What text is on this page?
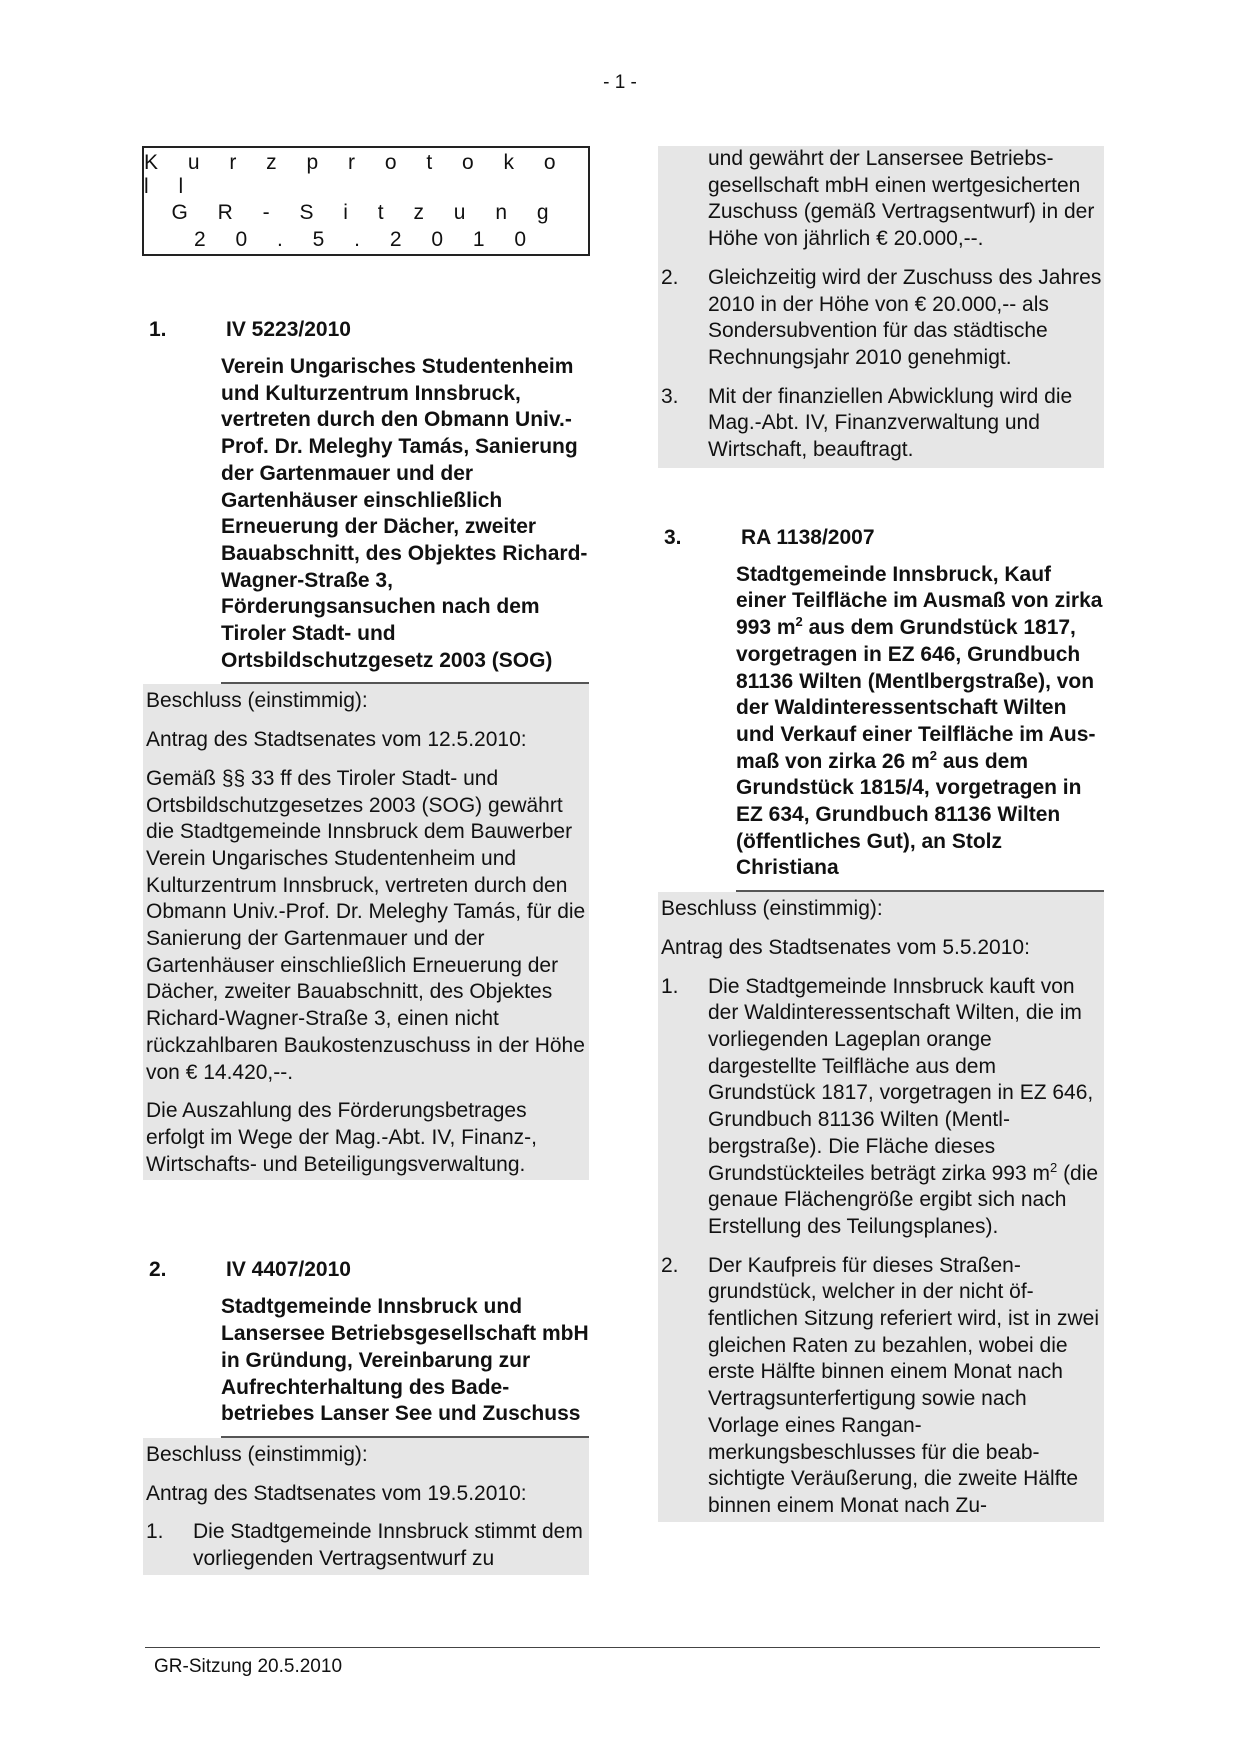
- 1 -
K u r z p r o t o k o l l
G R - S i t z u n g
2 0 . 5 . 2 0 1 0
1.	IV 5223/2010
Verein Ungarisches Studentenheim und Kulturzentrum Innsbruck, vertreten durch den Obmann Univ.-Prof. Dr. Meleghy Tamás, Sanierung der Gartenmauer und der Gartenhäuser einschließlich Erneuerung der Dächer, zweiter Bauabschnitt, des Objektes Richard-Wagner-Straße 3, Förderungsansuchen nach dem Tiroler Stadt- und Ortsbildschutzgesetz 2003 (SOG)

Beschluss (einstimmig):

Antrag des Stadtsenates vom 12.5.2010:

Gemäß §§ 33 ff des Tiroler Stadt- und Ortsbildschutzgesetzes 2003 (SOG) gewährt die Stadtgemeinde Innsbruck dem Bauwerber Verein Ungarisches Studentenheim und Kulturzentrum Innsbruck, vertreten durch den Obmann Univ.-Prof. Dr. Meleghy Tamás, für die Sanierung der Gartenmauer und der Gartenhäuser einschließlich Erneuerung der Dächer, zweiter Bauabschnitt, des Objektes Richard-Wagner-Straße 3, einen nicht rückzahlbaren Baukostenzuschuss in der Höhe von € 14.420,--.

Die Auszahlung des Förderungsbetrages erfolgt im Wege der Mag.-Abt. IV, Finanz-, Wirtschafts- und Beteiligungsverwaltung.

2.	IV 4407/2010
Stadtgemeinde Innsbruck und Lansersee Betriebsgesellschaft mbH in Gründung, Vereinbarung zur Aufrechterhaltung des Badebetriebes Lanser See und Zuschuss

Beschluss (einstimmig):

Antrag des Stadtsenates vom 19.5.2010:

1.	Die Stadtgemeinde Innsbruck stimmt dem vorliegenden Vertragsentwurf zu
und gewährt der Lansersee Betriebsgesellschaft mbH einen wertgesicherten Zuschuss (gemäß Vertragsentwurf) in der Höhe von jährlich € 20.000,--.
2.	Gleichzeitig wird der Zuschuss des Jahres 2010 in der Höhe von € 20.000,-- als Sondersubvention für das städtische Rechnungsjahr 2010 genehmigt.
3.	Mit der finanziellen Abwicklung wird die Mag.-Abt. IV, Finanzverwaltung und Wirtschaft, beauftragt.
3.	RA 1138/2007
Stadtgemeinde Innsbruck, Kauf einer Teilfläche im Ausmaß von zirka 993 $m^2$ aus dem Grundstück 1817, vorgetragen in EZ 646, Grundbuch 81136 Wilten (Mentlbergstraße), von der Waldinteressentschaft Wilten und Verkauf einer Teilfläche im Ausmaß von zirka 26 $m^2$ aus dem Grundstück 1815/4, vorgetragen in EZ 634, Grundbuch 81136 Wilten (öffentliches Gut), an Stolz Christiana

Beschluss (einstimmig):

Antrag des Stadtsenates vom 5.5.2010:

1.	Die Stadtgemeinde Innsbruck kauft von der Waldinteressentschaft Wilten, die im vorliegenden Lageplan orange dargestellte Teilfläche aus dem Grundstück 1817, vorgetragen in EZ 646, Grundbuch 81136 Wilten (Mentlbergstraße). Die Fläche dieses Grundstückteiles beträgt zirka 993 $m^2$ (die genaue Flächengröße ergibt sich nach Erstellung des Teilungsplanes).
2.	Der Kaufpreis für dieses Straßengrundstück, welcher in der nicht öffentlichen Sitzung referiert wird, ist in zwei gleichen Raten zu bezahlen, wobei die erste Hälfte binnen einem Monat nach Vertragsunterfertigung sowie nach Vorlage eines Ranganmerkungsbeschlusses für die beabsichtigte Veräußerung, die zweite Hälfte binnen einem Monat nach Zu-
GR-Sitzung 20.5.2010
